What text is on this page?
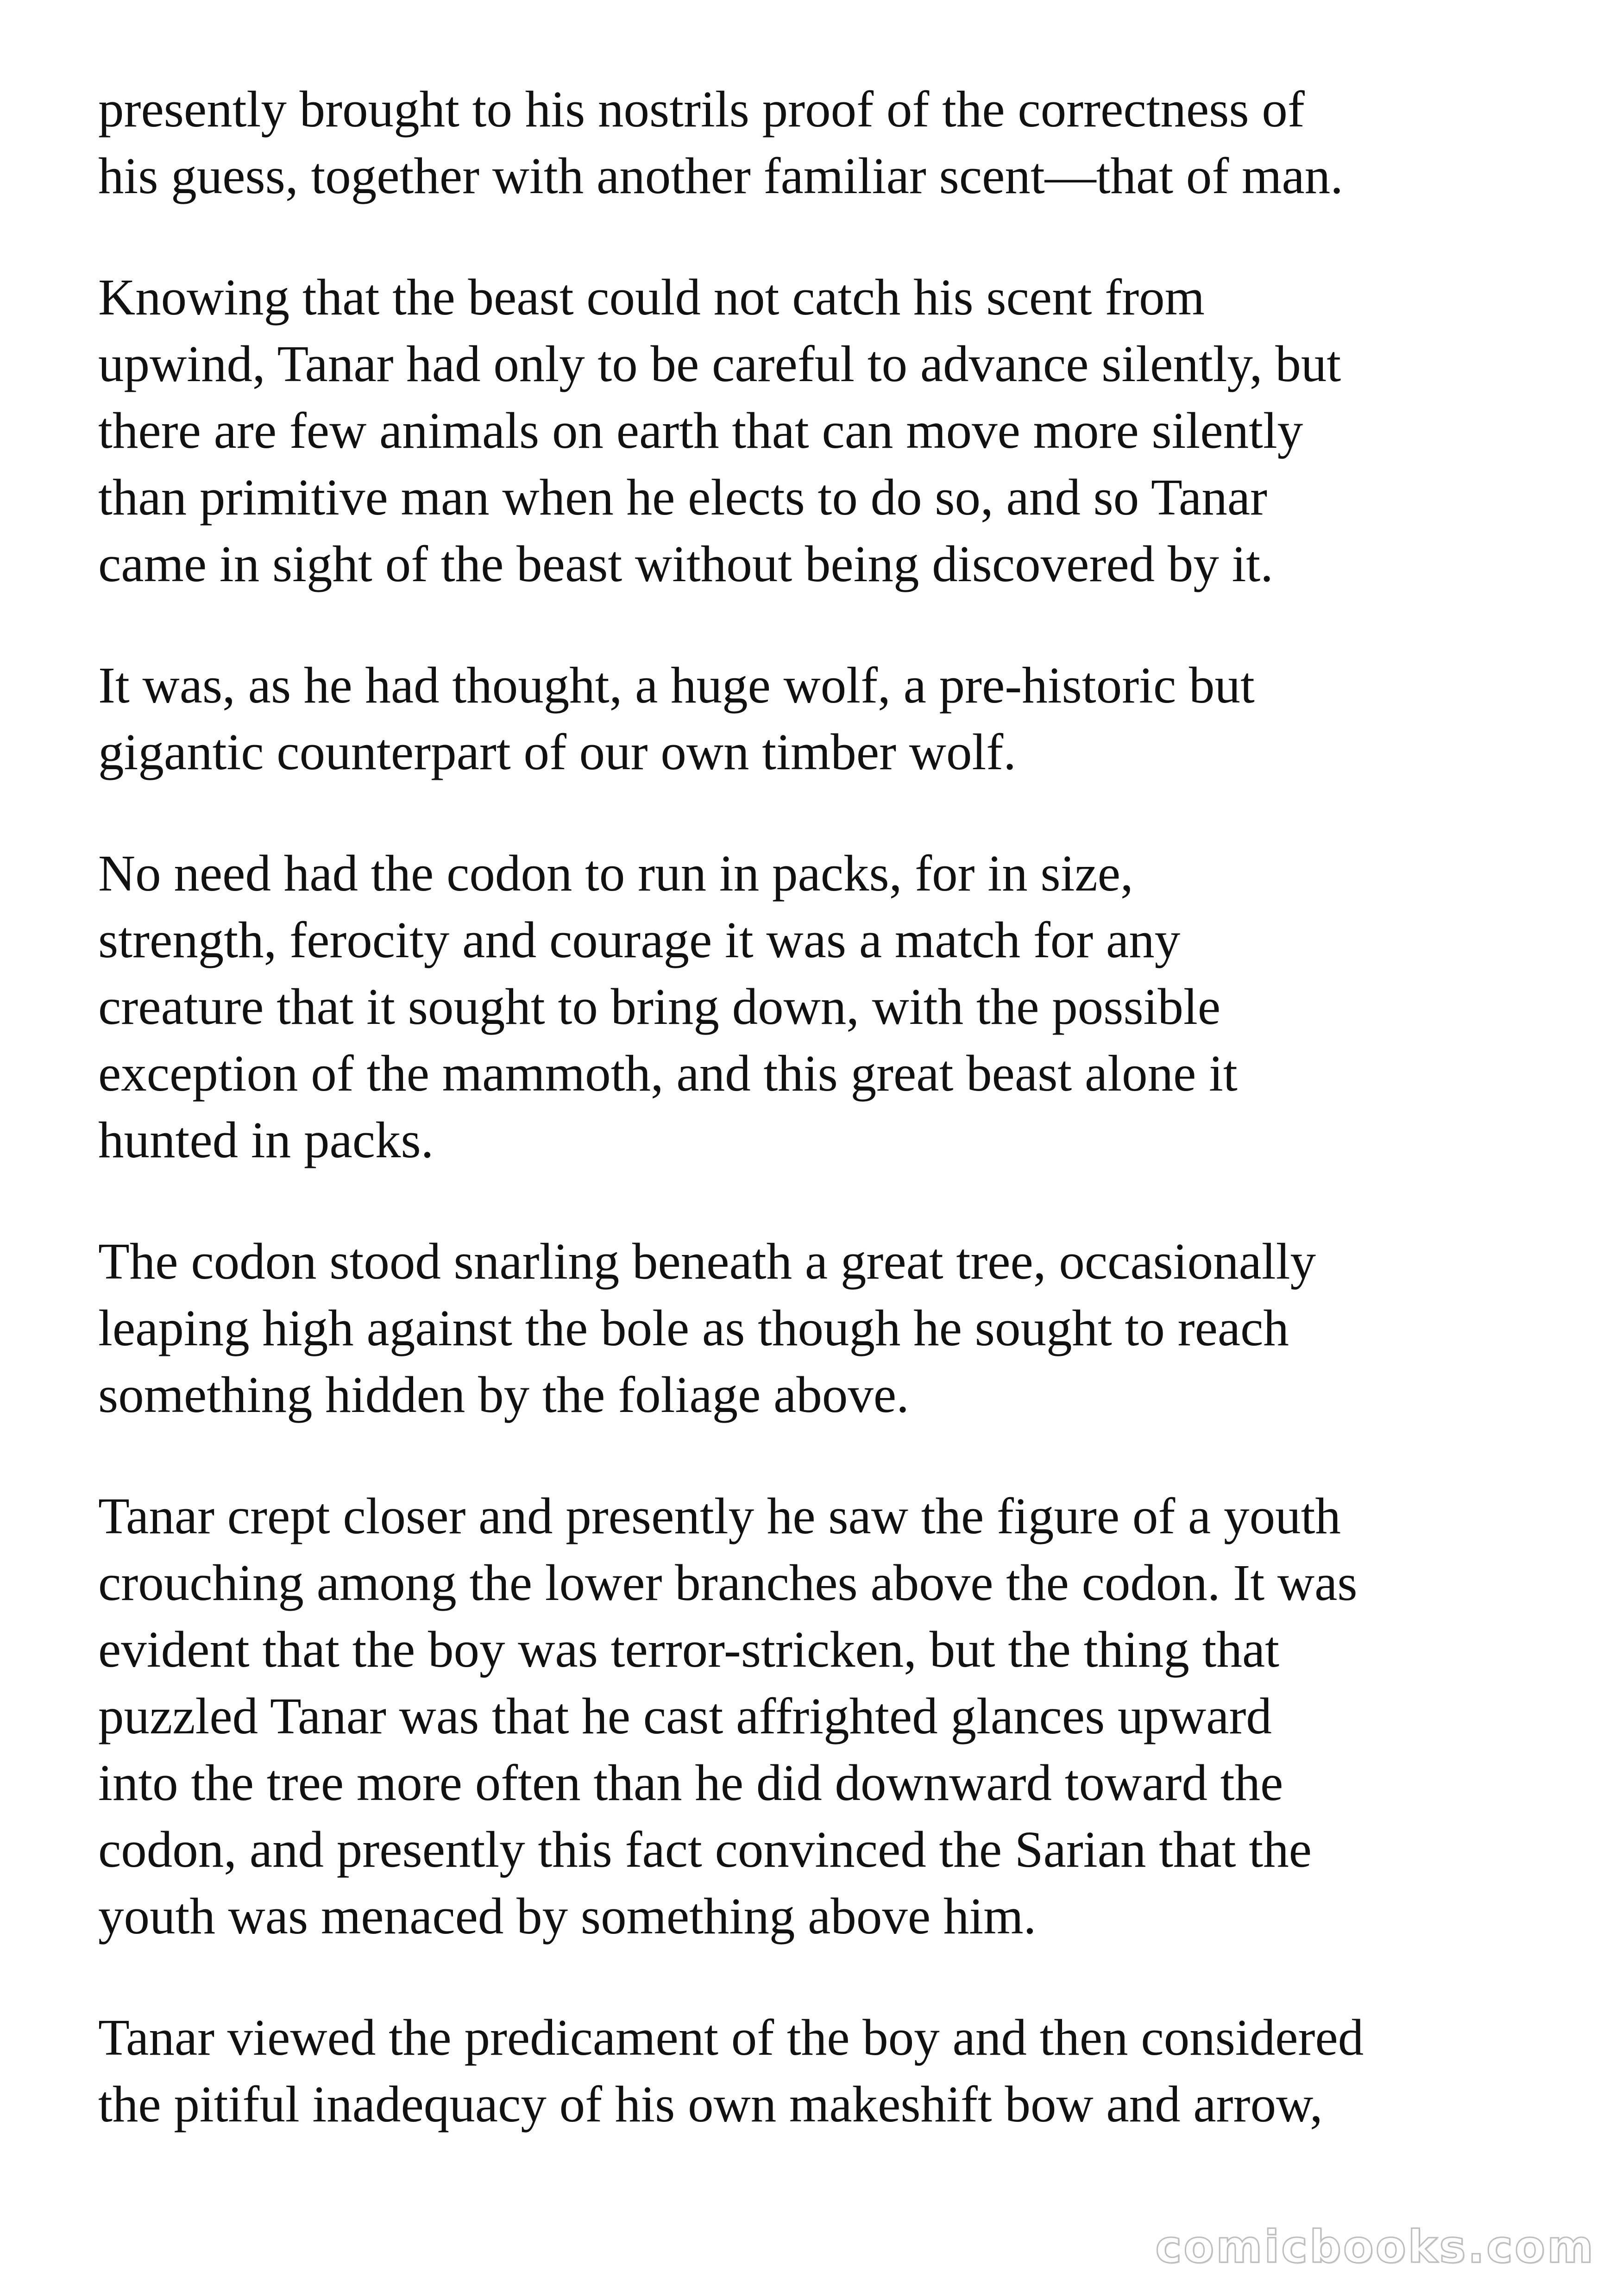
presently brought to his nostrils proof of the correctness of
his guess, together with another familiar scent—that of man.

Knowing that the beast could not catch his scent from
upwind, Tanar had only to be careful to advance silently, but
there are few animals on earth that can move more silently
than primitive man when he elects to do so, and so Tanar
came in sight of the beast without being discovered by it.

It was, as he had thought, a huge wolf, a pre-historic but
gigantic counterpart of our own timber wolf.

No need had the codon to run in packs, for in size,
strength, ferocity and courage it was a match for any
creature that it sought to bring down, with the possible
exception of the mammoth, and this great beast alone it
hunted in packs.

The codon stood snarling beneath a great tree, occasionally
leaping high against the bole as though he sought to reach
something hidden by the foliage above.

Tanar crept closer and presently he saw the figure of a youth
crouching among the lower branches above the codon. It was
evident that the boy was terror-stricken, but the thing that
puzzled Tanar was that he cast affrighted glances upward
into the tree more often than he did downward toward the
codon, and presently this fact convinced the Sarian that the
youth was menaced by something above him.

Tanar viewed the predicament of the boy and then considered
the pitiful inadequacy of his own makeshift bow and arrow,

comicbooks.com
